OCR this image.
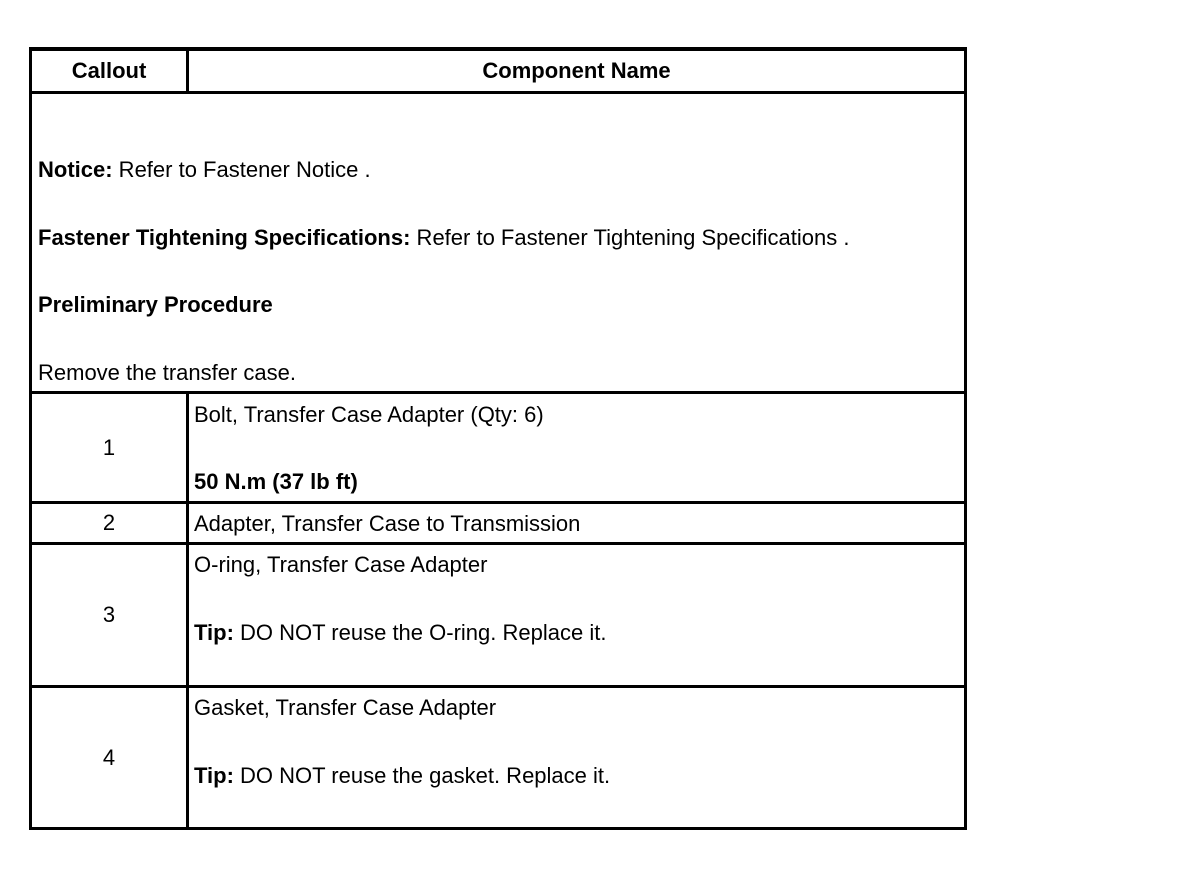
Callout	Component Name
Notice: Refer to Fastener Notice .
Fastener Tightening Specifications: Refer to Fastener Tightening Specifications .
Preliminary Procedure
Remove the transfer case.
1
Bolt, Transfer Case Adapter (Qty: 6)
50 N.m (37 lb ft)
2	Adapter, Transfer Case to Transmission
3
O-ring, Transfer Case Adapter
Tip: DO NOT reuse the O-ring. Replace it.
4
Gasket, Transfer Case Adapter
Tip: DO NOT reuse the gasket. Replace it.
